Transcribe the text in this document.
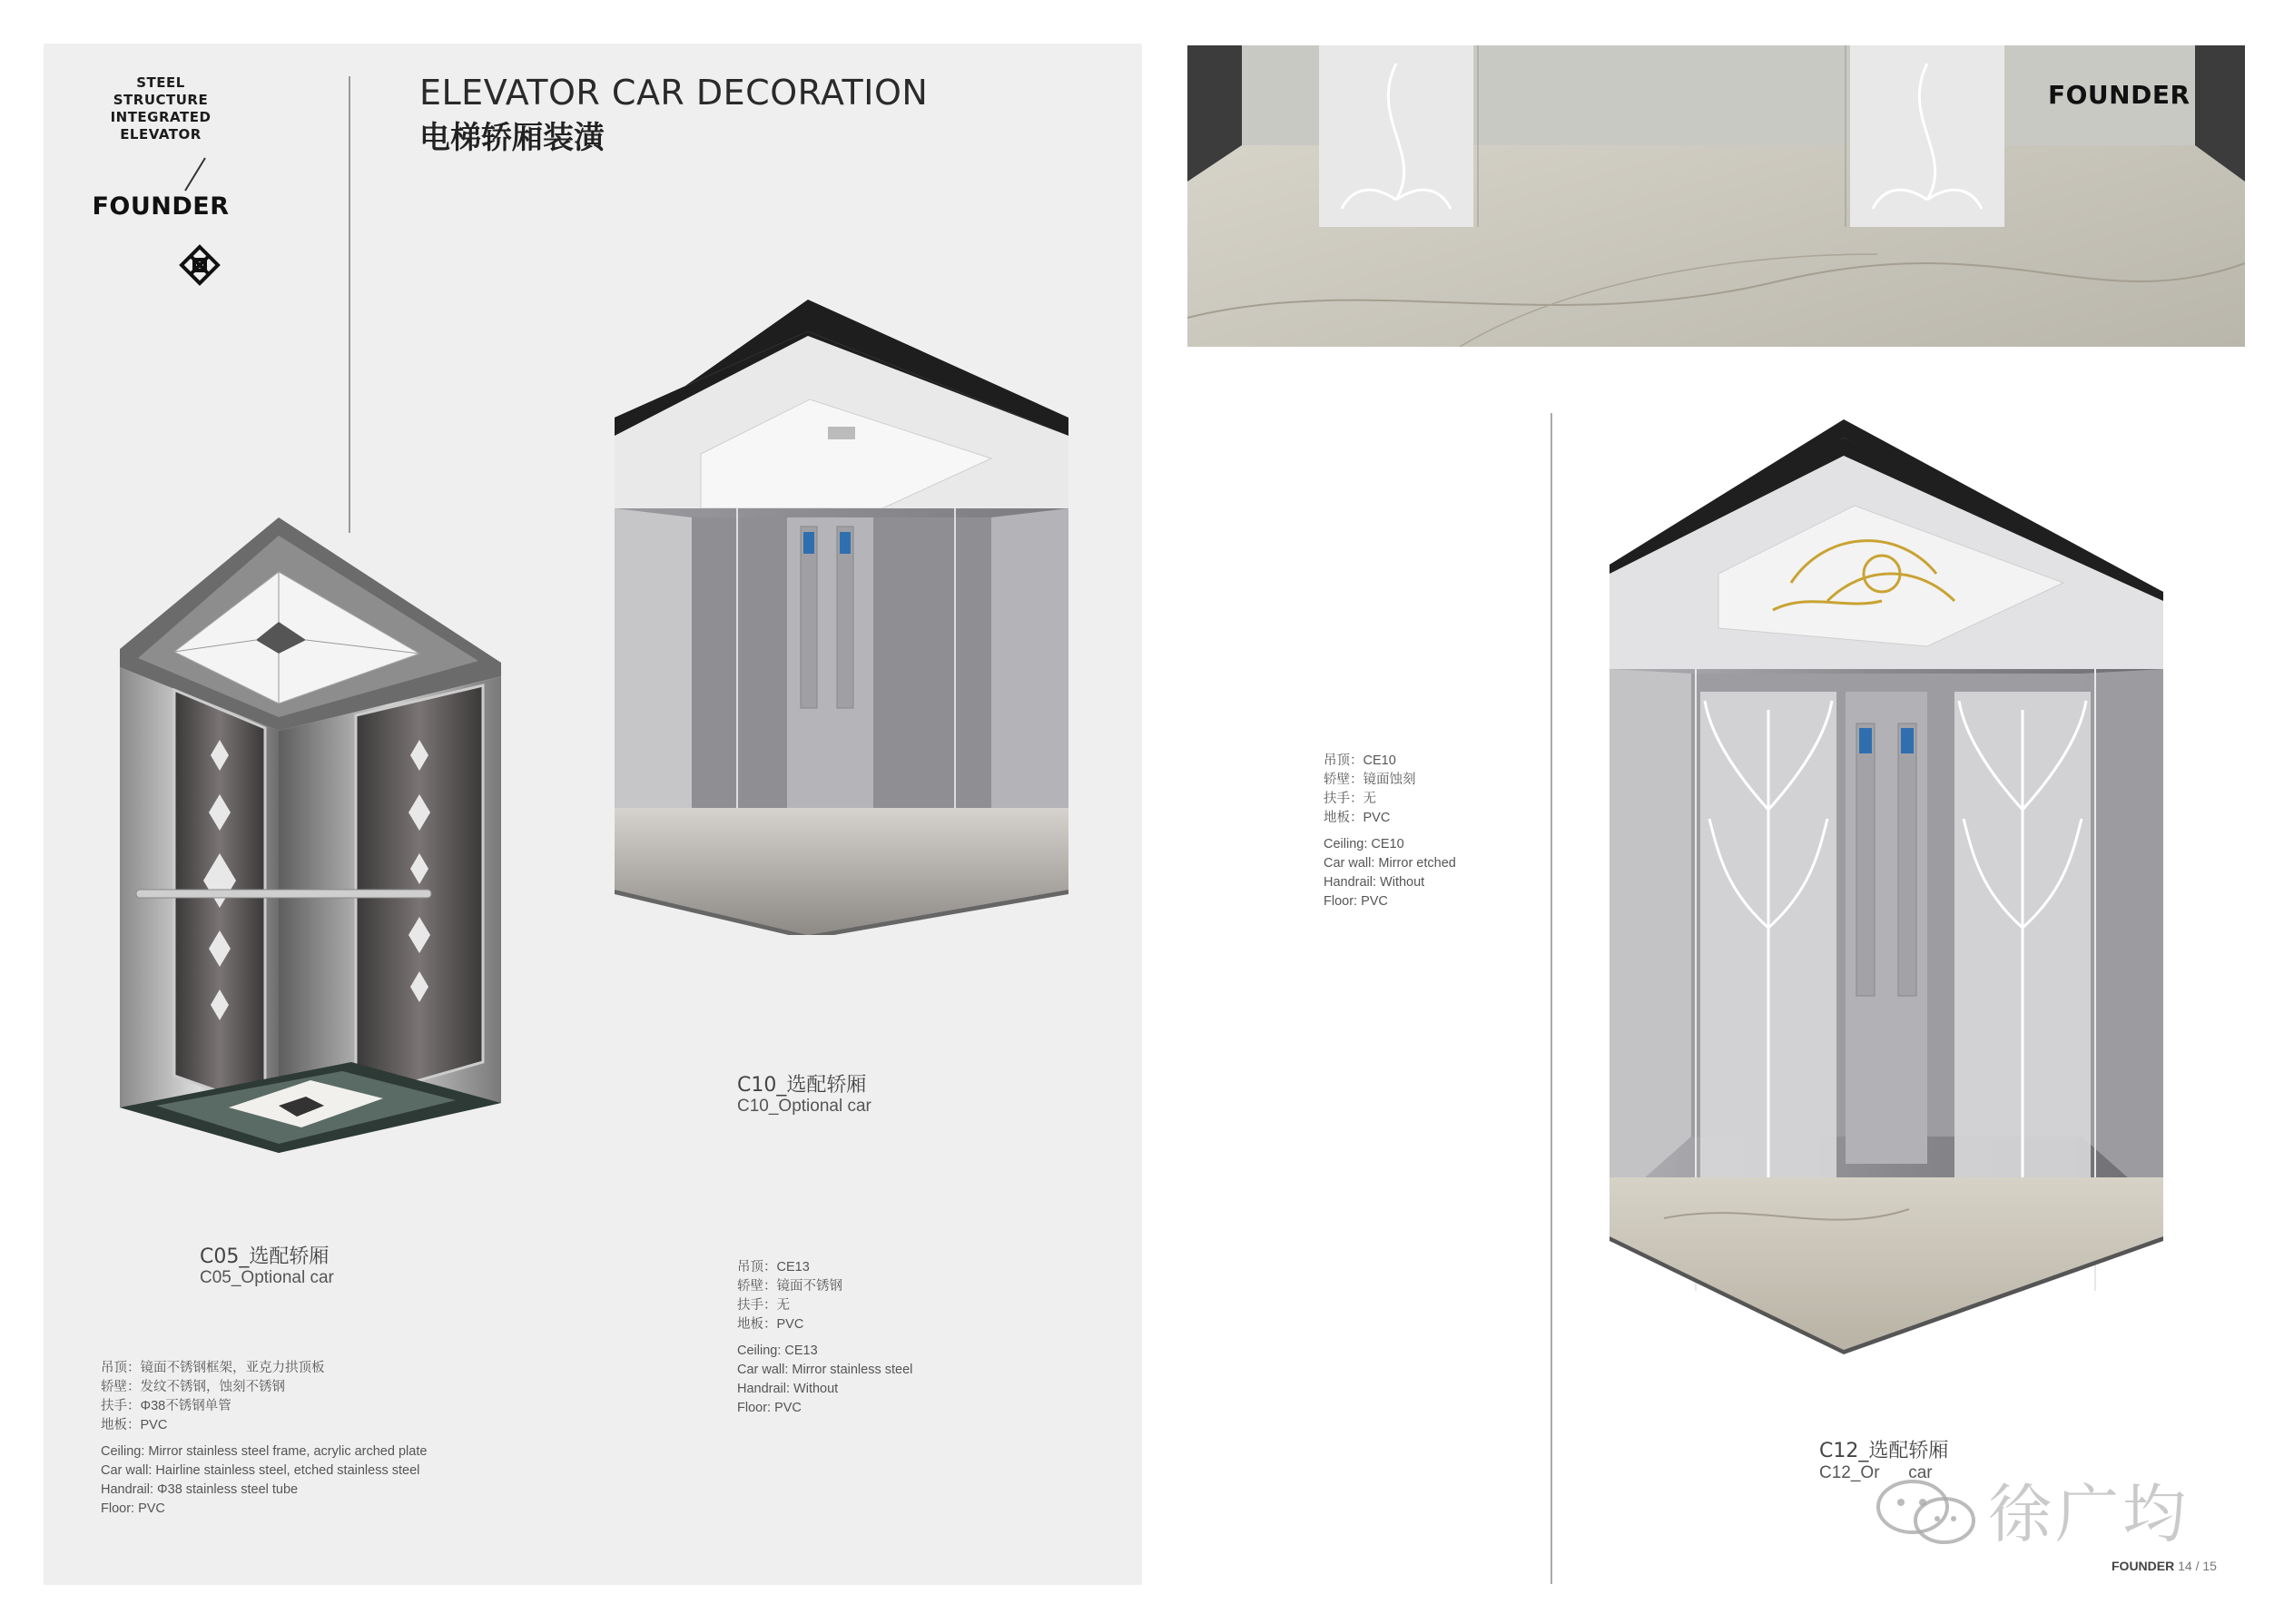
STEEL
STRUCTURE INTEGRATED
ELEVATOR
FOUNDER
ELEVATOR CAR DECORATION
电梯轿厢装潢
C05_选配轿厢
C05_Optional car

吊顶：镜面不锈钢框架，亚克力拱顶板

轿壁：发纹不锈钢，蚀刻不锈钢

扶手：Φ38不锈钢单管

地板：PVC

Ceiling: Mirror stainless steel frame, acrylic arched plate

Car wall: Hairline stainless steel, etched stainless steel

Handrail: Φ38 stainless steel tube

Floor: PVC

C10_选配轿厢
C10_Optional car

吊顶：CE13

轿壁：镜面不锈钢

扶手：无

地板：PVC

Ceiling: CE13

Car wall: Mirror stainless steel

Handrail: Without

Floor: PVC

FOUNDER

吊顶：CE10

轿壁：镜面蚀刻

扶手：无

地板：PVC

Ceiling: CE10

Car wall: Mirror etched

Handrail: Without

Floor: PVC

C12_选配轿厢
C12_Or      car
徐广均
FOUNDER 14 / 15
